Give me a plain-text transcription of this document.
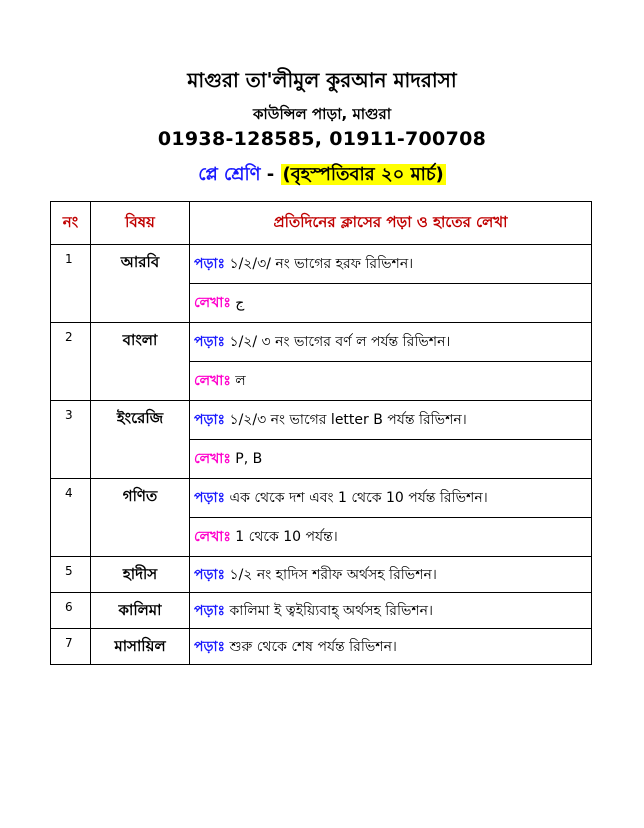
মাগুরা তা'লীমুল কুরআন মাদরাসা
কাউন্সিল পাড়া, মাগুরা
01938-128585, 01911-700708
প্লে শ্রেণি - (বৃহস্পতিবার ২০ মার্চ)
নং	বিষয়	প্রতিদিনের ক্লাসের পড়া ও হাতের লেখা
1	আরবি	পড়াঃ ১/২/৩/ নং ভাগের হরফ রিভিশন।
		লেখাঃ ج
2	বাংলা	পড়াঃ ১/২/ ৩ নং ভাগের বর্ণ ল পর্যন্ত রিভিশন।
		লেখাঃ ল
3	ইংরেজি	পড়াঃ ১/২/৩ নং ভাগের letter B পর্যন্ত রিভিশন।
		লেখাঃ P, B
4	গণিত	পড়াঃ এক থেকে দশ এবং 1 থেকে 10 পর্যন্ত রিভিশন।
		লেখাঃ 1 থেকে 10 পর্যন্ত।
5	হাদীস	পড়াঃ ১/২ নং হাদিস শরীফ অর্থসহ রিভিশন।
6	কালিমা	পড়াঃ কালিমা ই ত্বইয়্যিবাহ্ অর্থসহ রিভিশন।
7	মাসায়িল	পড়াঃ শুরু থেকে শেষ পর্যন্ত রিভিশন।
